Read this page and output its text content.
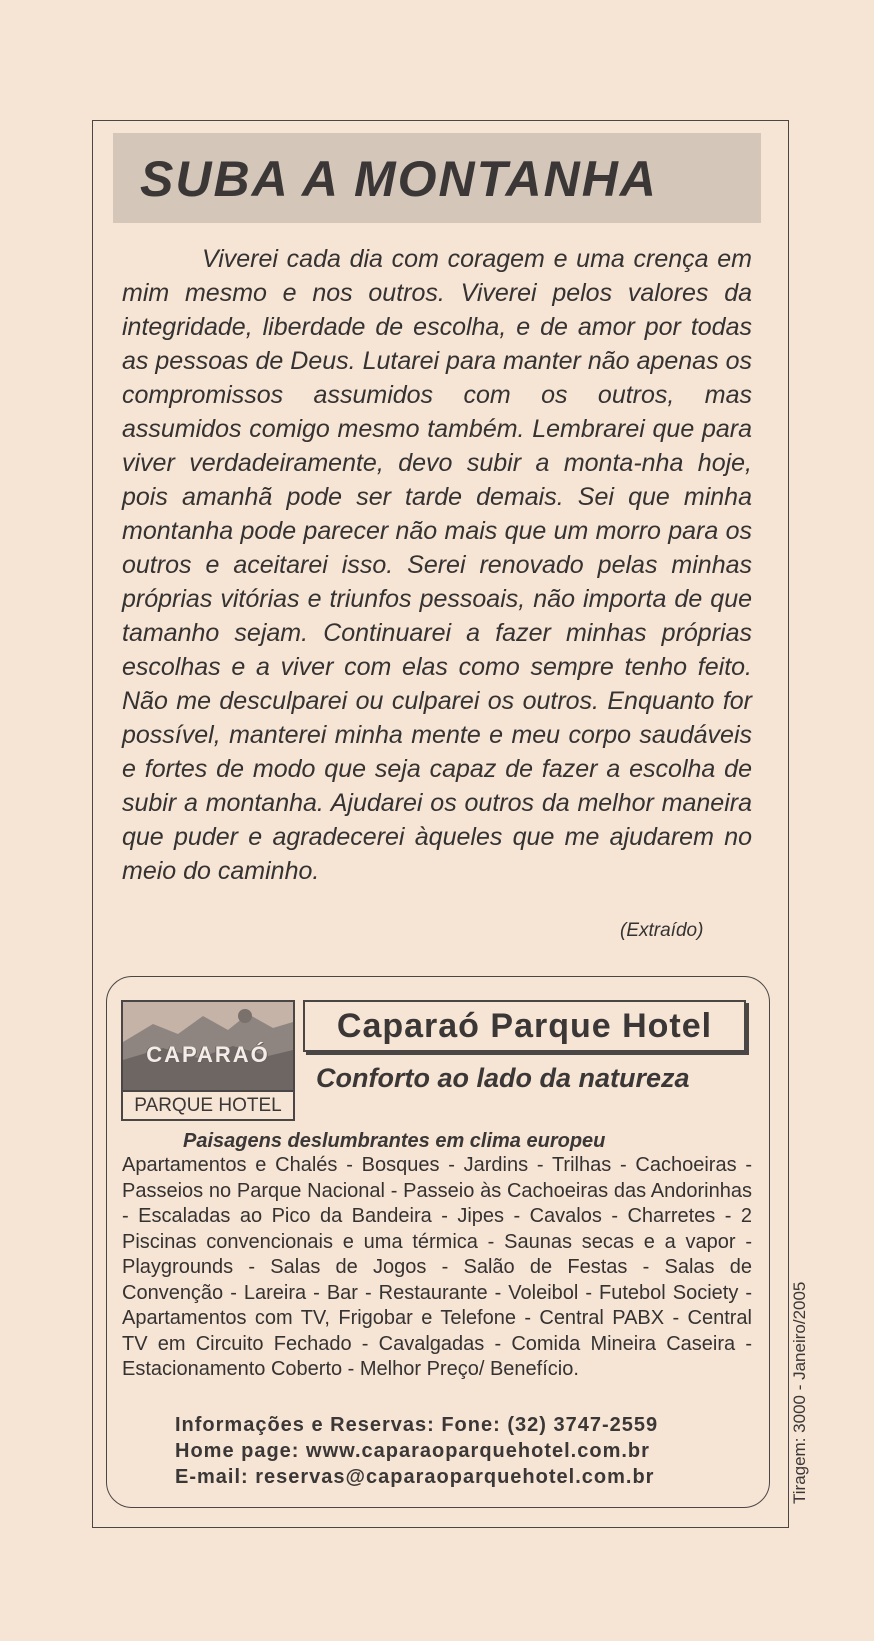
SUBA A MONTANHA

Viverei cada dia com coragem e uma crença em mim mesmo e nos outros. Viverei pelos valores da integridade, liberdade de escolha, e de amor por todas as pessoas de Deus. Lutarei para manter não apenas os compromissos assumidos com os outros, mas assumidos comigo mesmo também. Lembrarei que para viver verdadeiramente, devo subir a monta-nha hoje, pois amanhã pode ser tarde demais. Sei que minha montanha pode parecer não mais que um morro para os outros e aceitarei isso. Serei renovado pelas minhas próprias vitórias e triunfos pessoais, não importa de que tamanho sejam. Continuarei a fazer minhas próprias escolhas e a viver com elas como sempre tenho feito. Não me desculparei ou culparei os outros. Enquanto for possível, manterei minha mente e meu corpo saudáveis e fortes de modo que seja capaz de fazer a escolha de subir a montanha. Ajudarei os outros da melhor maneira que puder e agradecerei àqueles que me ajudarem no meio do caminho.

(Extraído)
CAPARAÓ
PARQUE HOTEL
Caparaó Parque Hotel
Conforto ao lado da natureza
Paisagens deslumbrantes em clima europeu

Apartamentos e Chalés - Bosques - Jardins - Trilhas - Cachoeiras - Passeios no Parque Nacional - Passeio às Cachoeiras das Andorinhas - Escaladas ao Pico da Bandeira - Jipes - Cavalos - Charretes - 2 Piscinas convencionais e uma térmica - Saunas secas e a vapor - Playgrounds - Salas de Jogos - Salão de Festas - Salas de Convenção - Lareira - Bar - Restaurante - Voleibol - Futebol Society - Apartamentos com TV, Frigobar e Telefone - Central PABX - Central TV em Circuito Fechado - Cavalgadas - Comida Mineira Caseira - Estacionamento Coberto - Melhor Preço/ Benefício.

Informações e Reservas: Fone: (32) 3747-2559
Home page: www.caparaoparquehotel.com.br
E-mail: reservas@caparaoparquehotel.com.br	Tiragem: 3000 - Janeiro/2005
